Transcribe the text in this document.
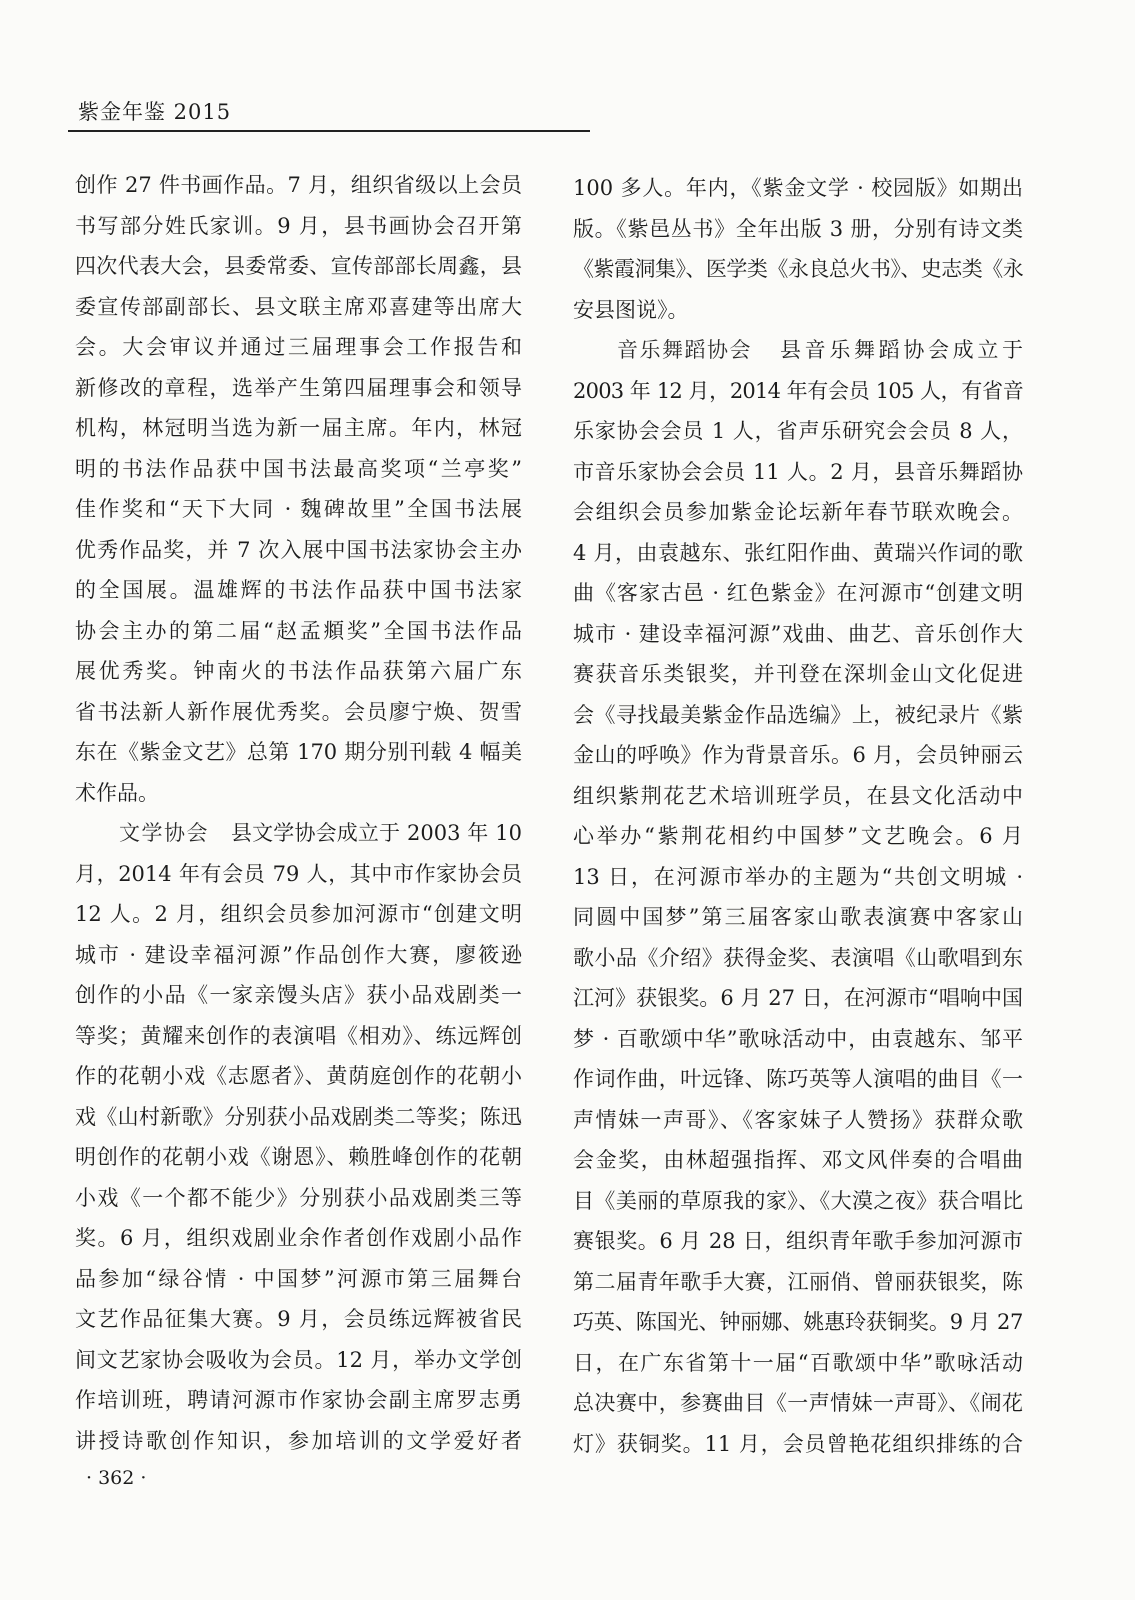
紫金年鉴 2015
创作 27 件书画作品。7 月，组织省级以上会员
书写部分姓氏家训。9 月，县书画协会召开第
四次代表大会，县委常委、宣传部部长周鑫，县
委宣传部副部长、县文联主席邓喜建等出席大
会。大会审议并通过三届理事会工作报告和
新修改的章程，选举产生第四届理事会和领导
机构，林冠明当选为新一届主席。年内，林冠
明的书法作品获中国书法最高奖项“兰亭奖”
佳作奖和“天下大同 · 魏碑故里”全国书法展
优秀作品奖，并 7 次入展中国书法家协会主办
的全国展。温雄辉的书法作品获中国书法家
协会主办的第二届“赵孟頫奖”全国书法作品
展优秀奖。钟南火的书法作品获第六届广东
省书法新人新作展优秀奖。会员廖宁焕、贺雪
东在《紫金文艺》总第 170 期分别刊载 4 幅美
术作品。
文学协会 县文学协会成立于 2003 年 10
月，2014 年有会员 79 人，其中市作家协会员
12 人。2 月，组织会员参加河源市“创建文明
城市 · 建设幸福河源”作品创作大赛，廖筱逊
创作的小品《一家亲馒头店》获小品戏剧类一
等奖；黄耀来创作的表演唱《相劝》、练远辉创
作的花朝小戏《志愿者》、黄荫庭创作的花朝小
戏《山村新歌》分别获小品戏剧类二等奖；陈迅
明创作的花朝小戏《谢恩》、赖胜峰创作的花朝
小戏《一个都不能少》分别获小品戏剧类三等
奖。6 月，组织戏剧业余作者创作戏剧小品作
品参加“绿谷情 · 中国梦”河源市第三届舞台
文艺作品征集大赛。9 月，会员练远辉被省民
间文艺家协会吸收为会员。12 月，举办文学创
作培训班，聘请河源市作家协会副主席罗志勇
讲授诗歌创作知识，参加培训的文学爱好者
100 多人。年内，《紫金文学 · 校园版》如期出
版。《紫邑丛书》全年出版 3 册，分别有诗文类
《紫霞洞集》、医学类《永良总火书》、史志类《永
安县图说》。
音乐舞蹈协会 县音乐舞蹈协会成立于
2003 年 12 月，2014 年有会员 105 人，有省音
乐家协会会员 1 人，省声乐研究会会员 8 人，
市音乐家协会会员 11 人。2 月，县音乐舞蹈协
会组织会员参加紫金论坛新年春节联欢晚会。
4 月，由袁越东、张红阳作曲、黄瑞兴作词的歌
曲《客家古邑 · 红色紫金》在河源市“创建文明
城市 · 建设幸福河源”戏曲、曲艺、音乐创作大
赛获音乐类银奖，并刊登在深圳金山文化促进
会《寻找最美紫金作品选编》上，被纪录片《紫
金山的呼唤》作为背景音乐。6 月，会员钟丽云
组织紫荆花艺术培训班学员，在县文化活动中
心举办“紫荆花相约中国梦”文艺晚会。6 月
13 日，在河源市举办的主题为“共创文明城 ·
同圆中国梦”第三届客家山歌表演赛中客家山
歌小品《介绍》获得金奖、表演唱《山歌唱到东
江河》获银奖。6 月 27 日，在河源市“唱响中国
梦 · 百歌颂中华”歌咏活动中，由袁越东、邹平
作词作曲，叶远锋、陈巧英等人演唱的曲目《一
声情妹一声哥》、《客家妹子人赞扬》获群众歌
会金奖，由林超强指挥、邓文风伴奏的合唱曲
目《美丽的草原我的家》、《大漠之夜》获合唱比
赛银奖。6 月 28 日，组织青年歌手参加河源市
第二届青年歌手大赛，江丽俏、曾丽获银奖，陈
巧英、陈国光、钟丽娜、姚惠玲获铜奖。9 月 27
日，在广东省第十一届“百歌颂中华”歌咏活动
总决赛中，参赛曲目《一声情妹一声哥》、《闹花
灯》获铜奖。11 月，会员曾艳花组织排练的合
· 362 ·
